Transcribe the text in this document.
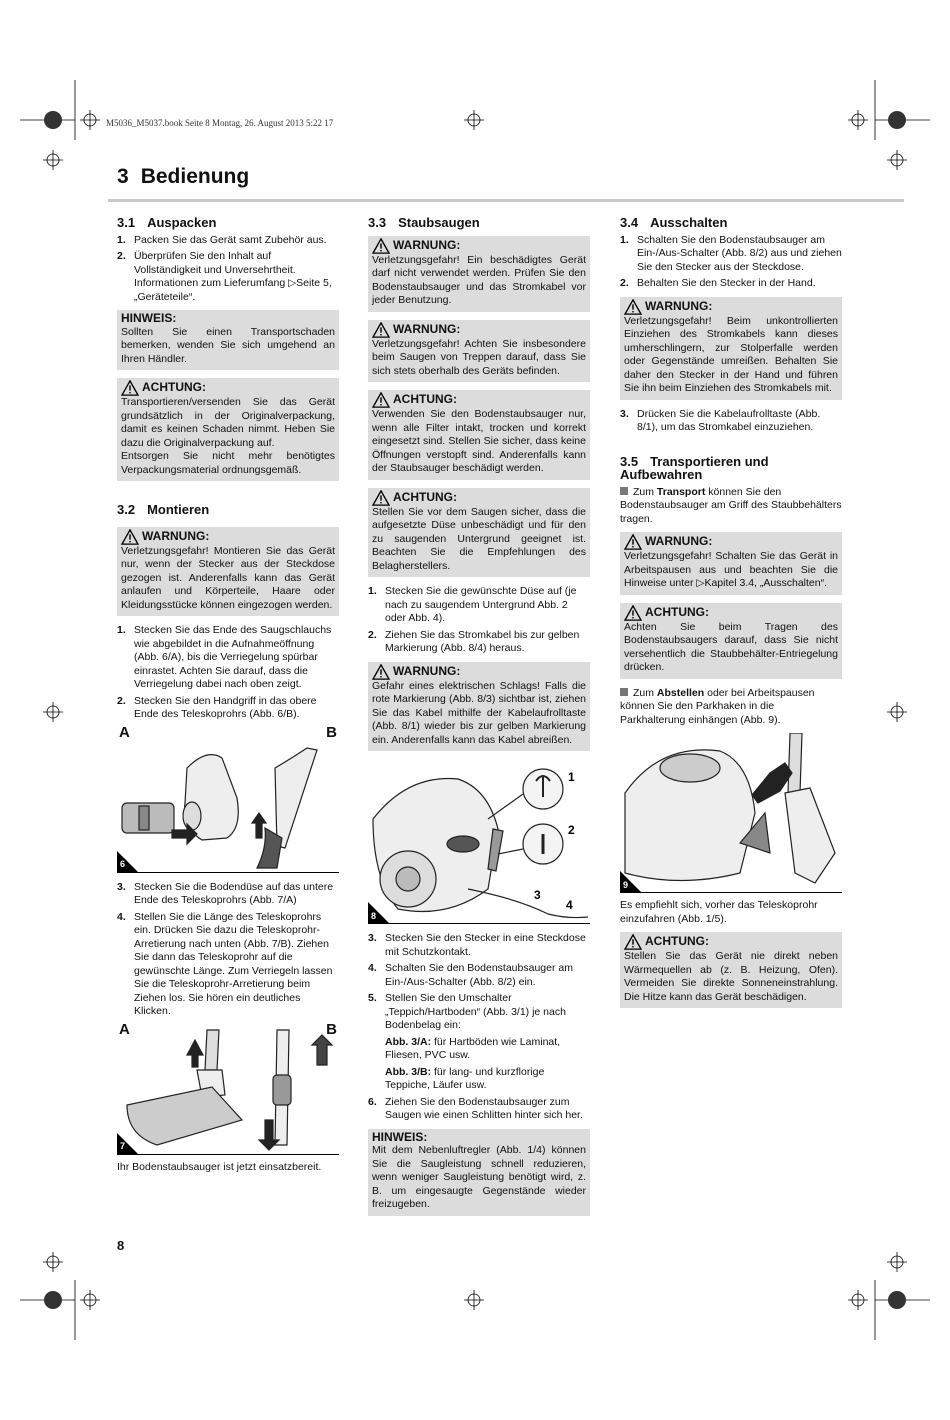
M5036_M5037.book Seite 8 Montag, 26. August 2013 5:22 17
3 Bedienung
3.1 Auspacken
1. Packen Sie das Gerät samt Zubehör aus.
2. Überprüfen Sie den Inhalt auf Vollständigkeit und Unversehrtheit. Informationen zum Lieferumfang ▷Seite 5, „Geräteteile“.
HINWEIS:
Sollten Sie einen Transportschaden bemerken, wenden Sie sich umgehend an Ihren Händler.
ACHTUNG:
Transportieren/versenden Sie das Gerät grundsätzlich in der Originalverpackung, damit es keinen Schaden nimmt. Heben Sie dazu die Originalverpackung auf.
Entsorgen Sie nicht mehr benötigtes Verpackungsmaterial ordnungsgemäß.
3.2 Montieren
WARNUNG:
Verletzungsgefahr! Montieren Sie das Gerät nur, wenn der Stecker aus der Steckdose gezogen ist. Anderenfalls kann das Gerät anlaufen und Körperteile, Haare oder Kleidungsstücke können eingezogen werden.
1. Stecken Sie das Ende des Saugschlauchs wie abgebildet in die Aufnahmeöffnung (Abb. 6/A), bis die Verriegelung spürbar einrastet. Achten Sie darauf, dass die Verriegelung dabei nach oben zeigt.
2. Stecken Sie den Handgriff in das obere Ende des Teleskoprohrs (Abb. 6/B).
A	B
6
3. Stecken Sie die Bodendüse auf das untere Ende des Teleskoprohrs (Abb. 7/A)
4. Stellen Sie die Länge des Teleskoprohrs ein. Drücken Sie dazu die Teleskoprohr-Arretierung nach unten (Abb. 7/B). Ziehen Sie dann das Teleskoprohr auf die gewünschte Länge. Zum Verriegeln lassen Sie die Teleskoprohr-Arretierung beim Ziehen los. Sie hören ein deutliches Klicken.
A	B
7
Ihr Bodenstaubsauger ist jetzt einsatzbereit.
3.3 Staubsaugen
WARNUNG:
Verletzungsgefahr! Ein beschädigtes Gerät darf nicht verwendet werden. Prüfen Sie den Bodenstaubsauger und das Stromkabel vor jeder Benutzung.
WARNUNG:
Verletzungsgefahr! Achten Sie insbesondere beim Saugen von Treppen darauf, dass Sie sich stets oberhalb des Geräts befinden.
ACHTUNG:
Verwenden Sie den Bodenstaubsauger nur, wenn alle Filter intakt, trocken und korrekt eingesetzt sind. Stellen Sie sicher, dass keine Öffnungen verstopft sind. Anderenfalls kann der Staubsauger beschädigt werden.
ACHTUNG:
Stellen Sie vor dem Saugen sicher, dass die aufgesetzte Düse unbeschädigt und für den zu saugenden Untergrund geeignet ist. Beachten Sie die Empfehlungen des Belagherstellers.
1. Stecken Sie die gewünschte Düse auf (je nach zu saugendem Untergrund Abb. 2 oder Abb. 4).
2. Ziehen Sie das Stromkabel bis zur gelben Markierung (Abb. 8/4) heraus.
WARNUNG:
Gefahr eines elektrischen Schlags! Falls die rote Markierung (Abb. 8/3) sichtbar ist, ziehen Sie das Kabel mithilfe der Kabelaufrolltaste (Abb. 8/1) wieder bis zur gelben Markierung ein. Anderenfalls kann das Kabel abreißen.
1
2
3
4
8
3. Stecken Sie den Stecker in eine Steckdose mit Schutzkontakt.
4. Schalten Sie den Bodenstaubsauger am Ein-/Aus-Schalter (Abb. 8/2) ein.
5. Stellen Sie den Umschalter „Teppich/Hartboden“ (Abb. 3/1) je nach Bodenbelag ein:
Abb. 3/A: für Hartböden wie Laminat, Fliesen, PVC usw.
Abb. 3/B: für lang- und kurzflorige Teppiche, Läufer usw.
6. Ziehen Sie den Bodenstaubsauger zum Saugen wie einen Schlitten hinter sich her.
HINWEIS:
Mit dem Nebenluftregler (Abb. 1/4) können Sie die Saugleistung schnell reduzieren, wenn weniger Saugleistung benötigt wird, z. B. um eingesaugte Gegenstände wieder freizugeben.
3.4 Ausschalten
1. Schalten Sie den Bodenstaubsauger am Ein-/Aus-Schalter (Abb. 8/2) aus und ziehen Sie den Stecker aus der Steckdose.
2. Behalten Sie den Stecker in der Hand.
WARNUNG:
Verletzungsgefahr! Beim unkontrollierten Einziehen des Stromkabels kann dieses umherschlingern, zur Stolperfalle werden oder Gegenstände umreißen. Behalten Sie daher den Stecker in der Hand und führen Sie ihn beim Einziehen des Stromkabels mit.
3. Drücken Sie die Kabelaufrolltaste (Abb. 8/1), um das Stromkabel einzuziehen.
3.5 Transportieren und Aufbewahren
Zum Transport können Sie den Bodenstaubsauger am Griff des Staubbehälters tragen.
WARNUNG:
Verletzungsgefahr! Schalten Sie das Gerät in Arbeitspausen aus und beachten Sie die Hinweise unter ▷Kapitel 3.4, „Ausschalten“.
ACHTUNG:
Achten Sie beim Tragen des Bodenstaubsaugers darauf, dass Sie nicht versehentlich die Staubbehälter-Entriegelung drücken.
Zum Abstellen oder bei Arbeitspausen können Sie den Parkhaken in die Parkhalterung einhängen (Abb. 9).
9
Es empfiehlt sich, vorher das Teleskoprohr einzufahren (Abb. 1/5).
ACHTUNG:
Stellen Sie das Gerät nie direkt neben Wärmequellen ab (z. B. Heizung, Ofen). Vermeiden Sie direkte Sonneneinstrahlung. Die Hitze kann das Gerät beschädigen.
8
